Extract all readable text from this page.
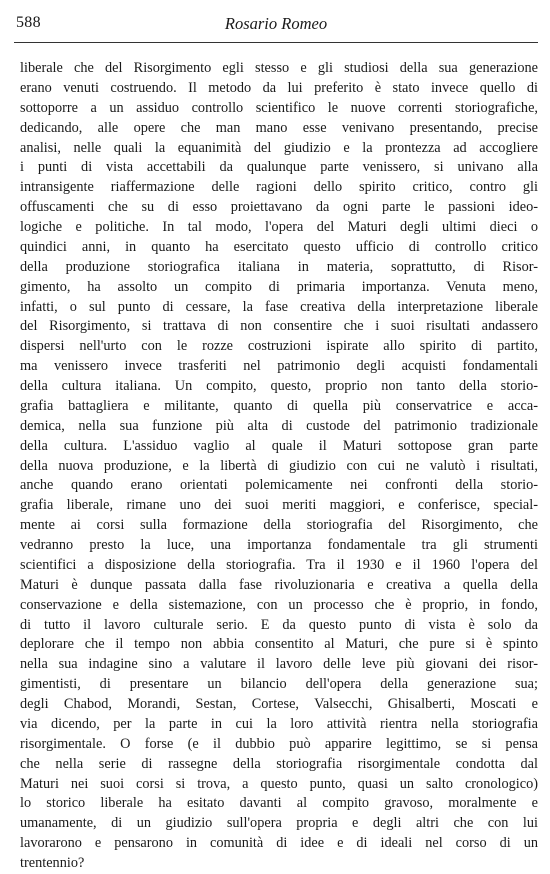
588	Rosario Romeo
liberale che del Risorgimento egli stesso e gli studiosi della sua generazione
erano venuti costruendo. Il metodo da lui preferito è stato invece quello di
sottoporre a un assiduo controllo scientifico le nuove correnti storiografiche,
dedicando, alle opere che man mano esse venivano presentando, precise
analisi, nelle quali la equanimità del giudizio e la prontezza ad accogliere
i punti di vista accettabili da qualunque parte venissero, si univano alla
intransigente riaffermazione delle ragioni dello spirito critico, contro gli
offuscamenti che su di esso proiettavano da ogni parte le passioni ideo-
logiche e politiche. In tal modo, l'opera del Maturi degli ultimi dieci o
quindici anni, in quanto ha esercitato questo ufficio di controllo critico
della produzione storiografica italiana in materia, soprattutto, di Risor-
gimento, ha assolto un compito di primaria importanza. Venuta meno,
infatti, o sul punto di cessare, la fase creativa della interpretazione liberale
del Risorgimento, si trattava di non consentire che i suoi risultati andassero
dispersi nell'urto con le rozze costruzioni ispirate allo spirito di partito,
ma venissero invece trasferiti nel patrimonio degli acquisti fondamentali
della cultura italiana. Un compito, questo, proprio non tanto della storio-
grafia battagliera e militante, quanto di quella più conservatrice e acca-
demica, nella sua funzione più alta di custode del patrimonio tradizionale
della cultura. L'assiduo vaglio al quale il Maturi sottopose gran parte
della nuova produzione, e la libertà di giudizio con cui ne valutò i risultati,
anche quando erano orientati polemicamente nei confronti della storio-
grafia liberale, rimane uno dei suoi meriti maggiori, e conferisce, special-
mente ai corsi sulla formazione della storiografia del Risorgimento, che
vedranno presto la luce, una importanza fondamentale tra gli strumenti
scientifici a disposizione della storiografia. Tra il 1930 e il 1960 l'opera del
Maturi è dunque passata dalla fase rivoluzionaria e creativa a quella della
conservazione e della sistemazione, con un processo che è proprio, in fondo,
di tutto il lavoro culturale serio. E da questo punto di vista è solo da
deplorare che il tempo non abbia consentito al Maturi, che pure si è spinto
nella sua indagine sino a valutare il lavoro delle leve più giovani dei risor-
gimentisti, di presentare un bilancio dell'opera della generazione sua;
degli Chabod, Morandi, Sestan, Cortese, Valsecchi, Ghisalberti, Moscati e
via dicendo, per la parte in cui la loro attività rientra nella storiografia
risorgimentale. O forse (e il dubbio può apparire legittimo, se si pensa
che nella serie di rassegne della storiografia risorgimentale condotta dal
Maturi nei suoi corsi si trova, a questo punto, quasi un salto cronologico)
lo storico liberale ha esitato davanti al compito gravoso, moralmente e
umanamente, di un giudizio sull'opera propria e degli altri che con lui
lavorarono e pensarono in comunità di idee e di ideali nel corso di un
trentennio?
